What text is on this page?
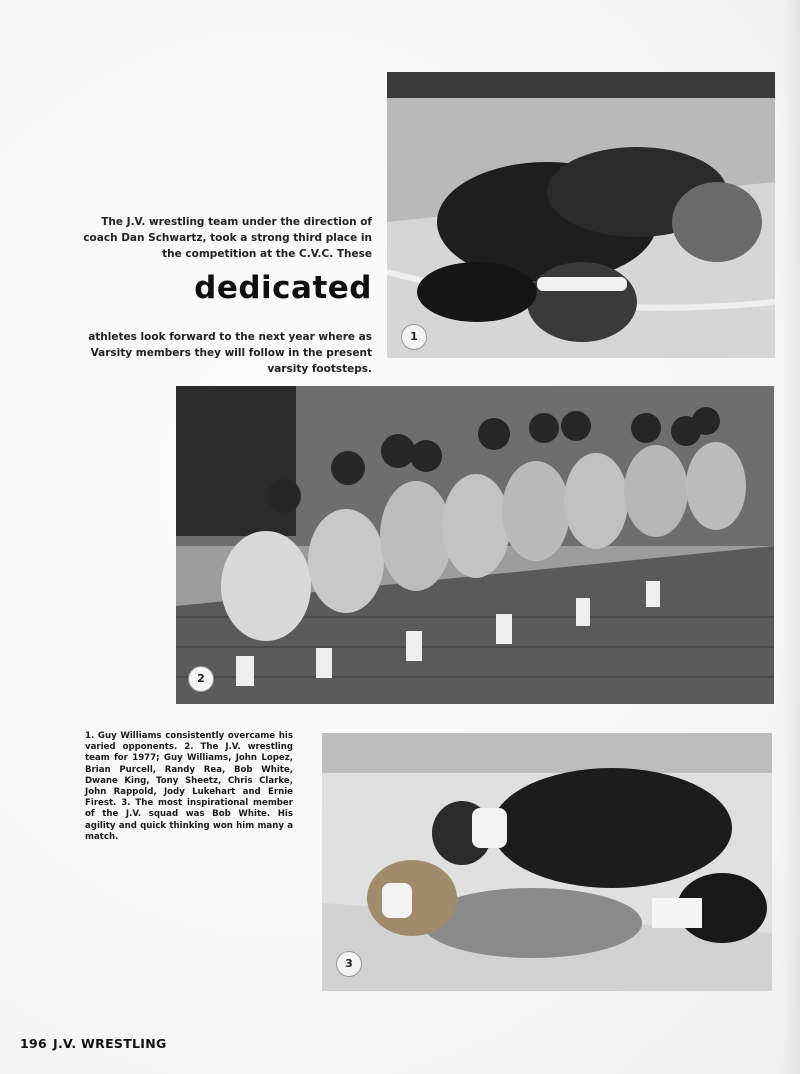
1
2
3

The J.V. wrestling team under the direction of coach Dan Schwartz, took a strong third place in the competition at the C.V.C. These

dedicated

athletes look forward to the next year where as Varsity members they will follow in the present varsity footsteps.

1. Guy Williams consistently overcame his varied opponents. 2. The J.V. wrestling team for 1977; Guy Williams, John Lopez, Brian Purcell, Randy Rea, Bob White, Dwane King, Tony Sheetz, Chris Clarke, John Rappold, Jody Lukehart and Ernie Firest. 3. The most inspirational member of the J.V. squad was Bob White. His agility and quick thinking won him many a match.
196 J.V. WRESTLING
